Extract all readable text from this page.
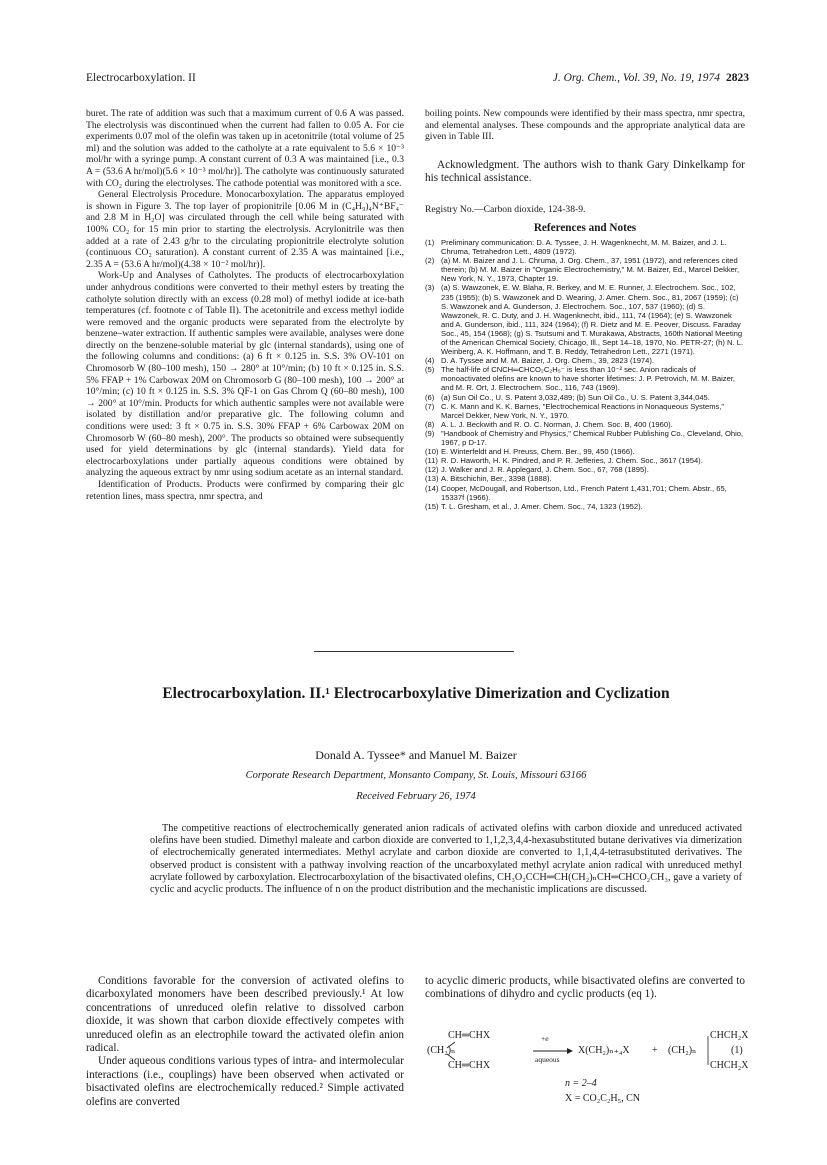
Electrocarboxylation. II	J. Org. Chem., Vol. 39, No. 19, 1974 2823

buret. The rate of addition was such that a maximum current of 0.6 A was passed. The electrolysis was discontinued when the current had fallen to 0.05 A. For cie experiments 0.07 mol of the olefin was taken up in acetonitrile (total volume of 25 ml) and the solution was added to the catholyte at a rate equivalent to 5.6 × 10⁻³ mol/hr with a syringe pump. A constant current of 0.3 A was maintained [i.e., 0.3 A = (53.6 A hr/mol)(5.6 × 10⁻³ mol/hr)]. The catholyte was continuously saturated with CO₂ during the electrolyses. The cathode potential was monitored with a sce.

General Electrolysis Procedure. Monocarboxylation. The apparatus employed is shown in Figure 3. The top layer of propionitrile [0.06 M in (C₄H₉)₄N⁺BF₄⁻ and 2.8 M in H₂O] was circulated through the cell while being saturated with 100% CO₂ for 15 min prior to starting the electrolysis. Acrylonitrile was then added at a rate of 2.43 g/hr to the circulating propionitrile electrolyte solution (continuous CO₂ saturation). A constant current of 2.35 A was maintained [i.e., 2.35 A = (53.6 A hr/mol)(4.38 × 10⁻² mol/hr)].

Work-Up and Analyses of Catholytes. The products of electrocarboxylation under anhydrous conditions were converted to their methyl esters by treating the catholyte solution directly with an excess (0.28 mol) of methyl iodide at ice-bath temperatures (cf. footnote c of Table II). The acetonitrile and excess methyl iodide were removed and the organic products were separated from the electrolyte by benzene–water extraction. If authentic samples were available, analyses were done directly on the benzene-soluble material by glc (internal standards), using one of the following columns and conditions: (a) 6 ft × 0.125 in. S.S. 3% OV-101 on Chromosorb W (80–100 mesh), 150 → 280° at 10°/min; (b) 10 ft × 0.125 in. S.S. 5% FFAP + 1% Carbowax 20M on Chromosorb G (80–100 mesh), 100 → 200° at 10°/min; (c) 10 ft × 0.125 in. S.S. 3% QF-1 on Gas Chrom Q (60–80 mesh), 100 → 200° at 10°/min. Products for which authentic samples were not available were isolated by distillation and/or preparative glc. The following column and conditions were used: 3 ft × 0.75 in. S.S. 30% FFAP + 6% Carbowax 20M on Chromosorb W (60–80 mesh), 200°. The products so obtained were subsequently used for yield determinations by glc (internal standards). Yield data for electrocarboxylations under partially aqueous conditions were obtained by analyzing the aqueous extract by nmr using sodium acetate as an internal standard.

Identification of Products. Products were confirmed by comparing their glc retention lines, mass spectra, nmr spectra, and

boiling points. New compounds were identified by their mass spectra, nmr spectra, and elemental analyses. These compounds and the appropriate analytical data are given in Table III.

Acknowledgment. The authors wish to thank Gary Dinkelkamp for his technical assistance.

Registry No.—Carbon dioxide, 124-38-9.

References and Notes
(1) Preliminary communication: D. A. Tyssee, J. H. Wagenknecht, M. M. Baizer, and J. L. Chruma, Tetrahedron Lett., 4809 (1972).
(2) (a) M. M. Baizer and J. L. Chruma, J. Org. Chem., 37, 1951 (1972), and references cited therein; (b) M. M. Baizer in "Organic Electrochemistry," M. M. Baizer, Ed., Marcel Dekker, New York, N. Y., 1973, Chapter 19.
(3) (a) S. Wawzonek, E. W. Blaha, R. Berkey, and M. E. Runner, J. Electrochem. Soc., 102, 235 (1955); (b) S. Wawzonek and D. Wearing, J. Amer. Chem. Soc., 81, 2067 (1959); (c) S. Wawzonek and A. Gunderson, J. Electrochem. Soc., 107, 537 (1960); (d) S. Wawzonek, R. C. Duty, and J. H. Wagenknecht, ibid., 111, 74 (1964); (e) S. Wawzonek and A. Gunderson, ibid., 111, 324 (1964); (f) R. Dietz and M. E. Peover, Discuss. Faraday Soc., 45, 154 (1968); (g) S. Tsutsumi and T. Murakawa, Abstracts, 160th National Meeting of the American Chemical Society, Chicago, Ill., Sept 14–18, 1970, No. PETR-27; (h) N. L. Weinberg, A. K. Hoffmann, and T. B. Reddy, Tetrahedron Lett., 2271 (1971).
(4) D. A. Tyssee and M. M. Baizer, J. Org. Chem., 39, 2823 (1974).
(5) The half-life of CNCH═CHCO₂C₂H₅⁻ is less than 10⁻² sec. Anion radicals of monoactivated olefins are known to have shorter lifetimes: J. P. Petrovich, M. M. Baizer, and M. R. Ort, J. Electrochem. Soc., 116, 743 (1969).
(6) (a) Sun Oil Co., U. S. Patent 3,032,489; (b) Sun Oil Co., U. S. Patent 3,344,045.
(7) C. K. Mann and K. K. Barnes, "Electrochemical Reactions in Nonaqueous Systems," Marcel Dekker, New York, N. Y., 1970.
(8) A. L. J. Beckwith and R. O. C. Norman, J. Chem. Soc. B, 400 (1960).
(9) "Handbook of Chemistry and Physics," Chemical Rubber Publishing Co., Cleveland, Ohio, 1967, p D-17.
(10) E. Winterfeldt and H. Preuss, Chem. Ber., 99, 450 (1966).
(11) R. D. Haworth, H. K. Pindred, and P. R. Jefferies, J. Chem. Soc., 3617 (1954).
(12) J. Walker and J. R. Applegard, J. Chem. Soc., 67, 768 (1895).
(13) A. Bitschichin, Ber., 3398 (1888).
(14) Cooper, McDougall, and Robertson, Ltd., French Patent 1,431,701; Chem. Abstr., 65, 15337f (1966).
(15) T. L. Gresham, et al., J. Amer. Chem. Soc., 74, 1323 (1952).
Electrocarboxylation. II.¹ Electrocarboxylative Dimerization and Cyclization
Donald A. Tyssee* and Manuel M. Baizer
Corporate Research Department, Monsanto Company, St. Louis, Missouri 63166
Received February 26, 1974
The competitive reactions of electrochemically generated anion radicals of activated olefins with carbon dioxide and unreduced activated olefins have been studied. Dimethyl maleate and carbon dioxide are converted to 1,1,2,3,4,4-hexasubstituted butane derivatives via dimerization of electrochemically generated intermediates. Methyl acrylate and carbon dioxide are converted to 1,1,4,4-tetrasubstituted derivatives. The observed product is consistent with a pathway involving reaction of the uncarboxylated methyl acrylate anion radical with unreduced methyl acrylate followed by carboxylation. Electrocarboxylation of the bisactivated olefins, CH₃O₂CCH═CH(CH₂)ₙCH═CHCO₂CH₃, gave a variety of cyclic and acyclic products. The influence of n on the product distribution and the mechanistic implications are discussed.

Conditions favorable for the conversion of activated olefins to dicarboxylated monomers have been described previously.¹ At low concentrations of unreduced olefin relative to dissolved carbon dioxide, it was shown that carbon dioxide effectively competes with unreduced olefin as an electrophile toward the activated olefin anion radical.

Under aqueous conditions various types of intra- and intermolecular interactions (i.e., couplings) have been observed when activated or bisactivated olefins are electrochemically reduced.² Simple activated olefins are converted

to acyclic dimeric products, while bisactivated olefins are converted to combinations of dihydro and cyclic products (eq 1).
CH═CHX
(CH₂)ₙ
CH═CHX
+e
aqueous
X(CH₂)ₙ₊₄X + (CH₂)ₙ
CHCH₂X
CHCH₂X
(1)
n = 2–4
X = CO₂C₂H₅, CN
